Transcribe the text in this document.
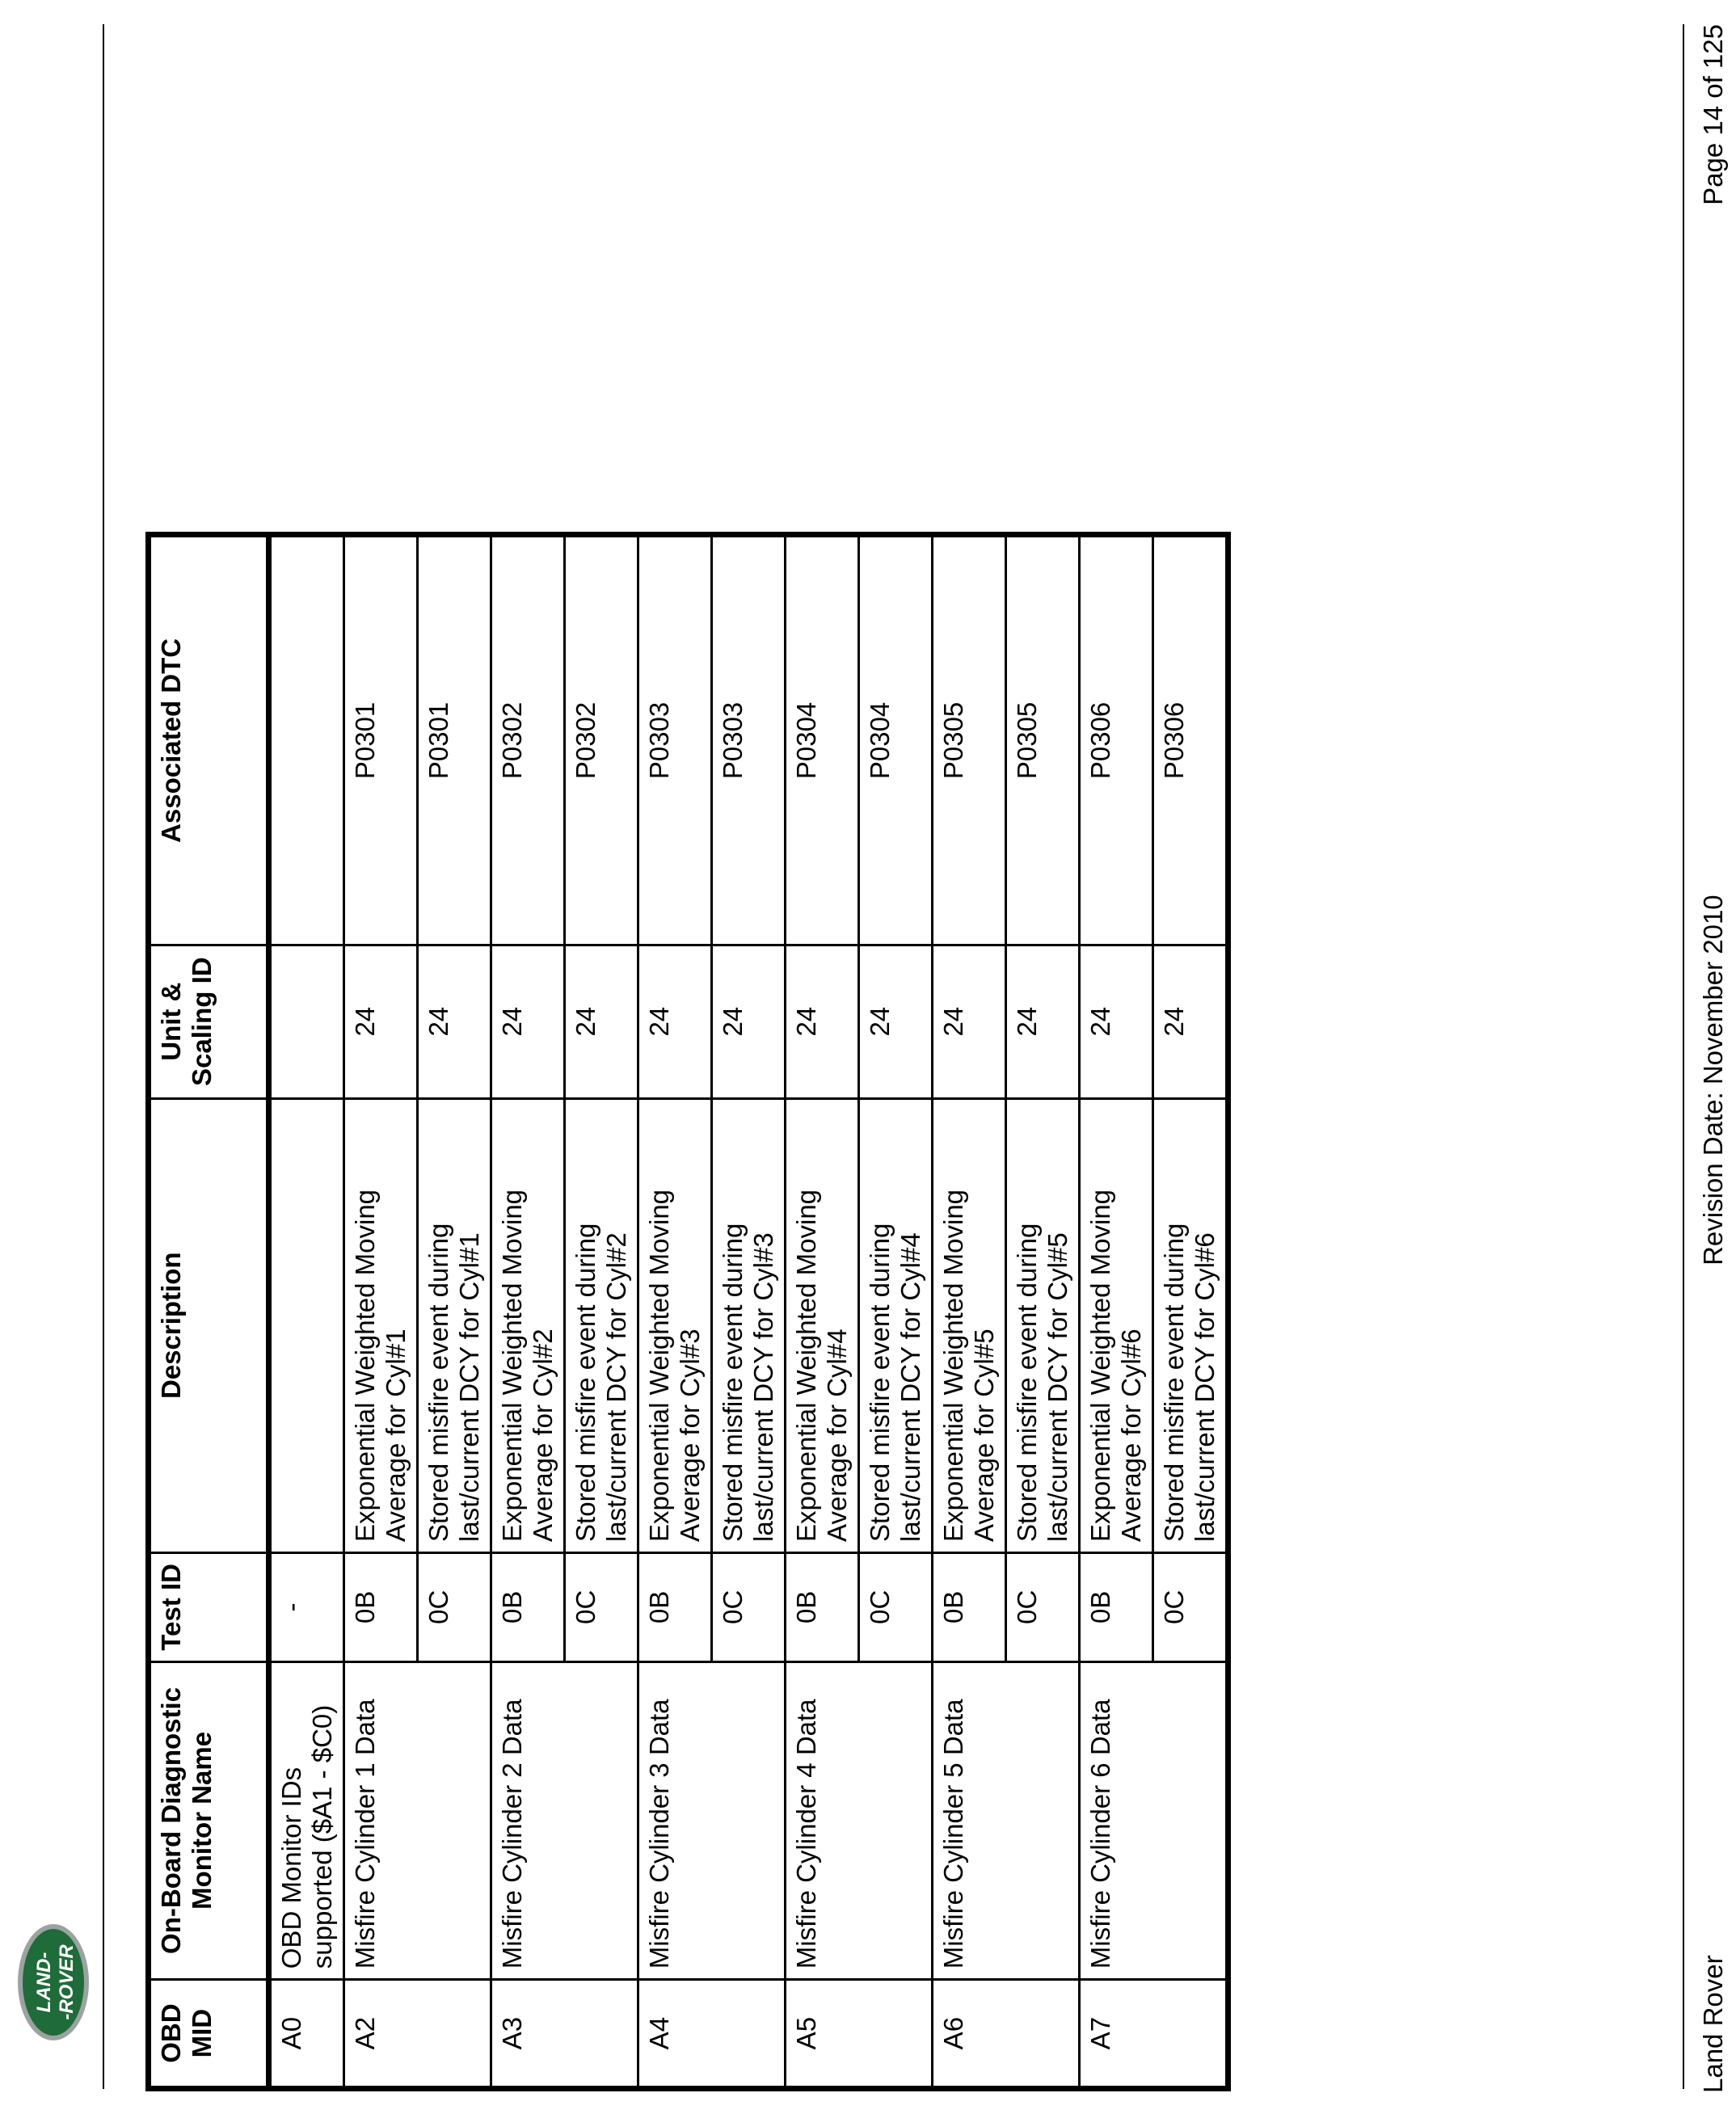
LAND- -ROVER
OBD MID	On-Board Diagnostic Monitor Name	Test ID	Description	Unit & Scaling ID	Associated DTC
A0	OBD Monitor IDs supported ($A1 - $C0)	-			
A2	Misfire Cylinder 1 Data	0B	Exponential Weighted Moving Average for Cyl#1	24	P0301
		0C	Stored misfire event during last/current DCY for Cyl#1	24	P0301
A3	Misfire Cylinder 2 Data	0B	Exponential Weighted Moving Average for Cyl#2	24	P0302
		0C	Stored misfire event during last/current DCY for Cyl#2	24	P0302
A4	Misfire Cylinder 3 Data	0B	Exponential Weighted Moving Average for Cyl#3	24	P0303
		0C	Stored misfire event during last/current DCY for Cyl#3	24	P0303
A5	Misfire Cylinder 4 Data	0B	Exponential Weighted Moving Average for Cyl#4	24	P0304
		0C	Stored misfire event during last/current DCY for Cyl#4	24	P0304
A6	Misfire Cylinder 5 Data	0B	Exponential Weighted Moving Average for Cyl#5	24	P0305
		0C	Stored misfire event during last/current DCY for Cyl#5	24	P0305
A7	Misfire Cylinder 6 Data	0B	Exponential Weighted Moving Average for Cyl#6	24	P0306
		0C	Stored misfire event during last/current DCY for Cyl#6	24	P0306
Land Rover
Revision Date: November 2010
Page 14 of 125
